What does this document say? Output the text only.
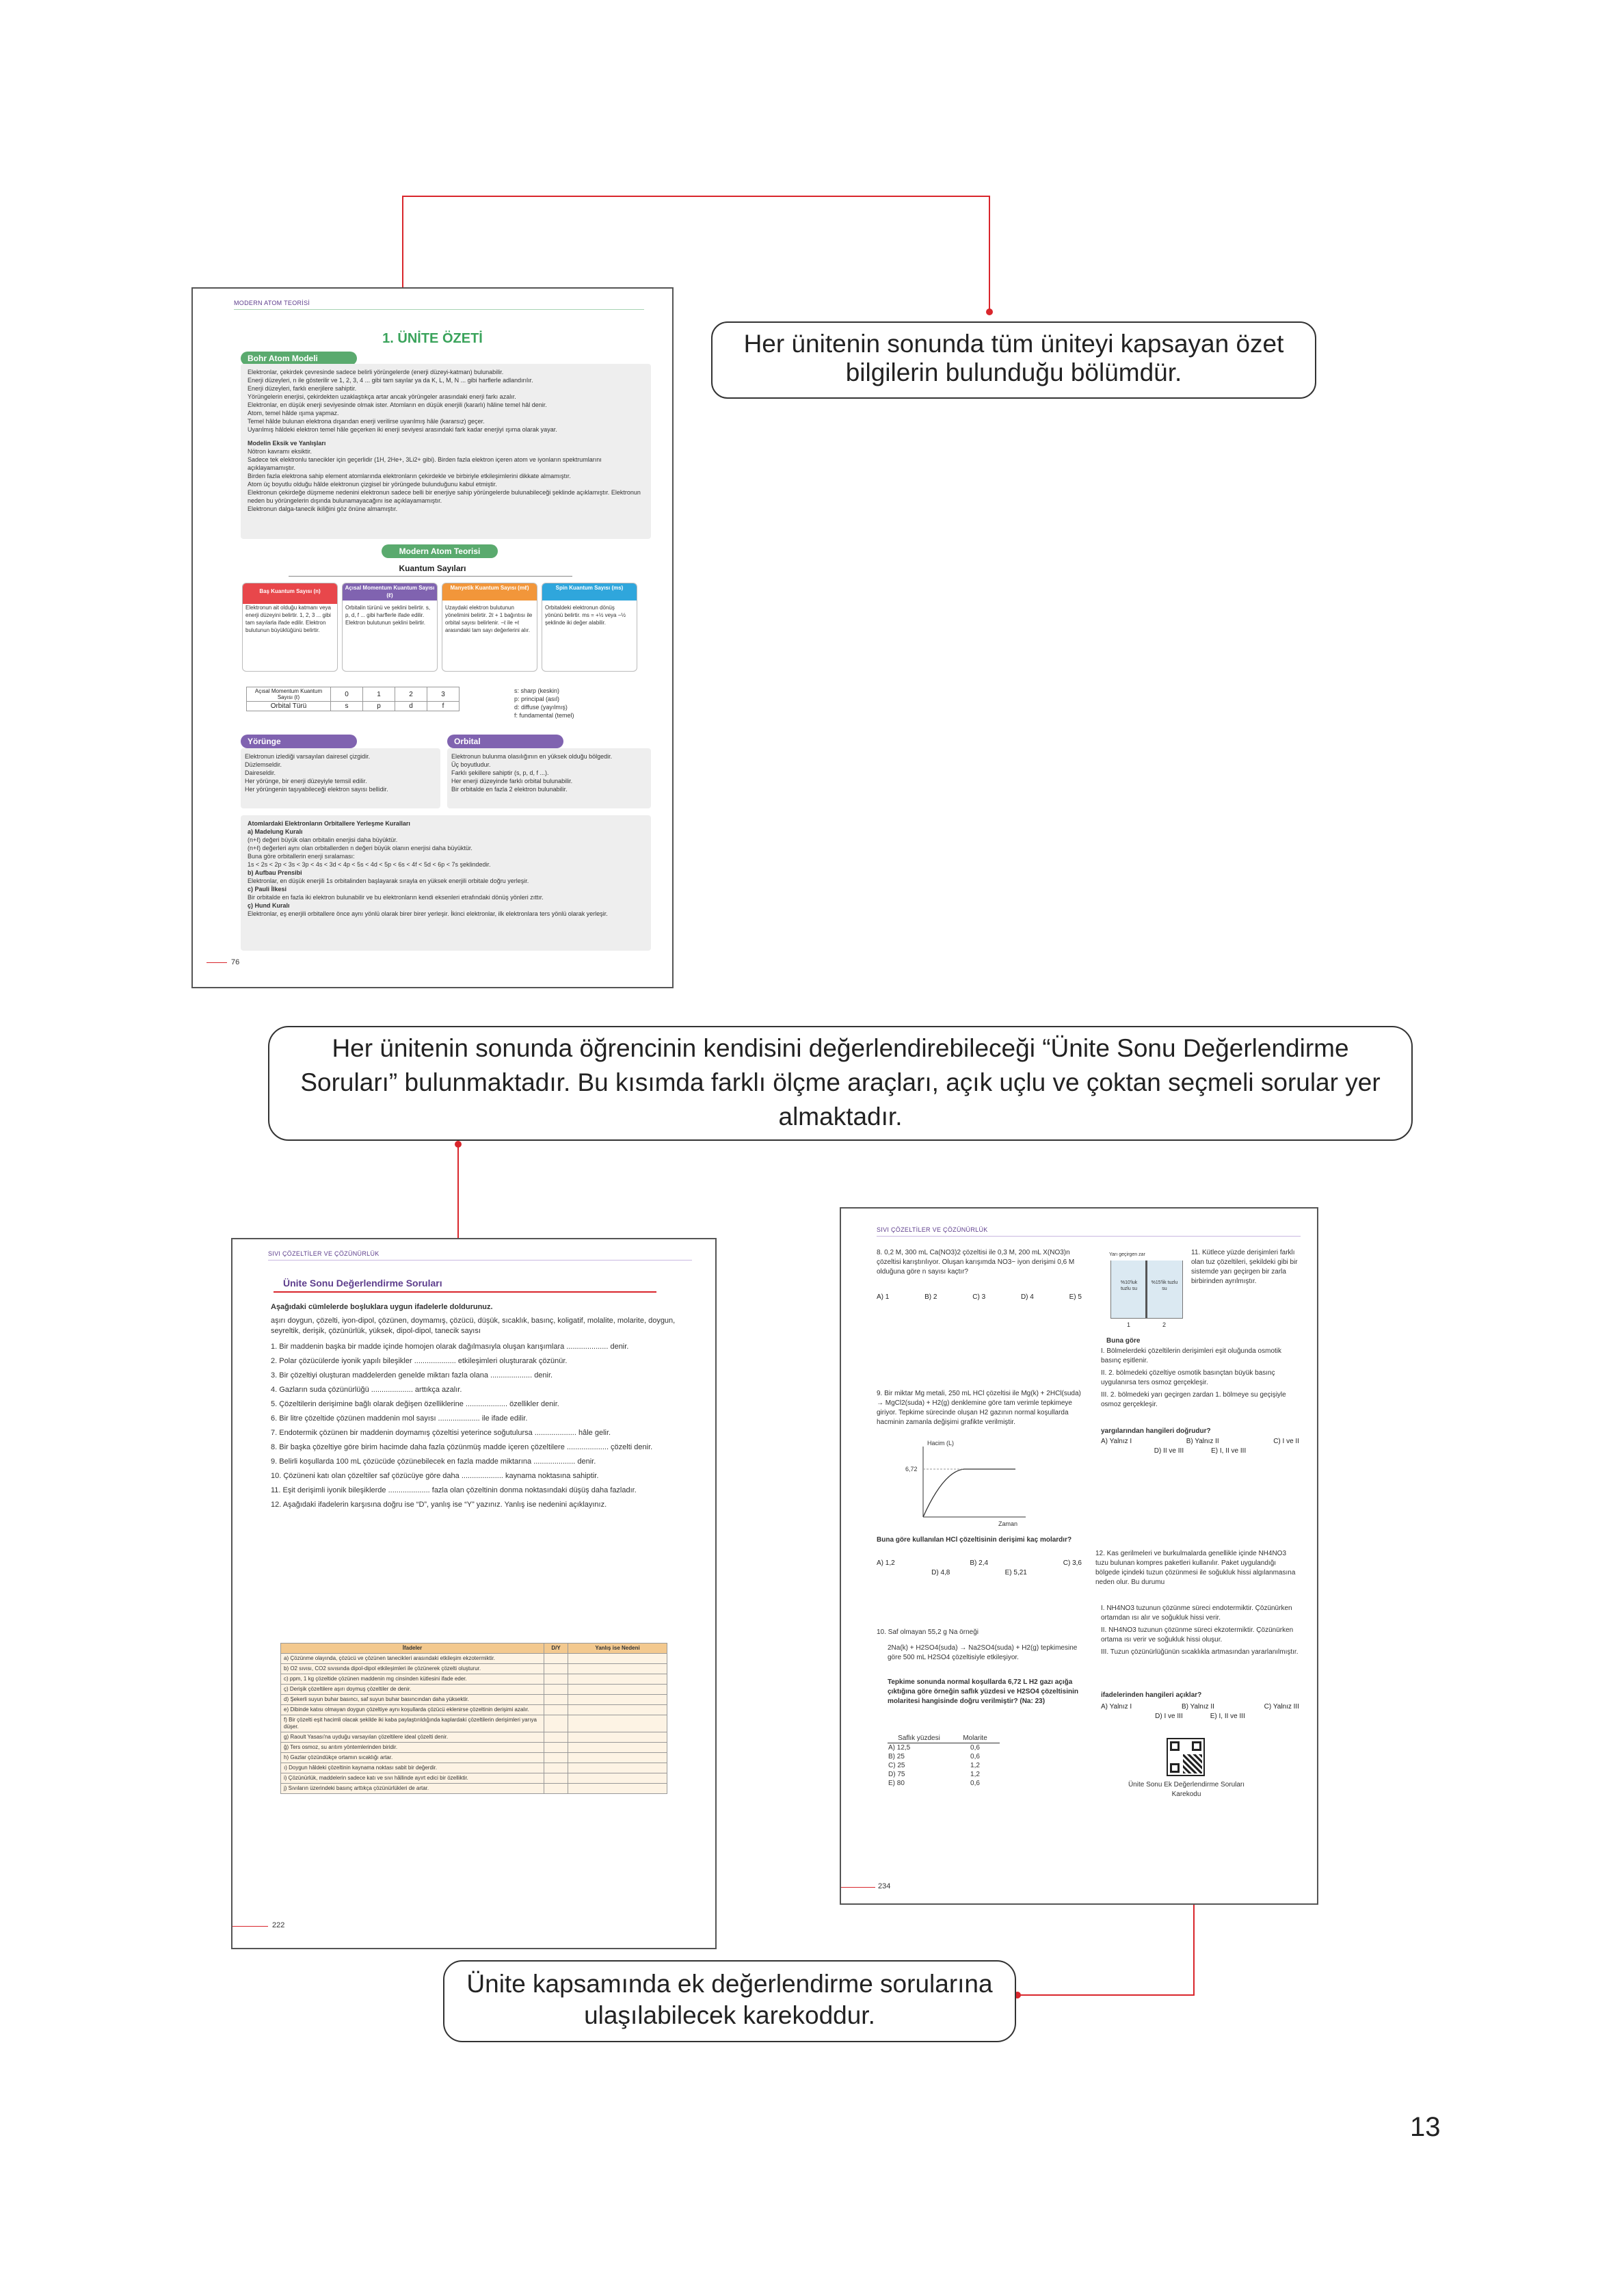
Her ünitenin sonunda tüm üniteyi kapsayan özet bilgilerin bulunduğu bölümdür.
Her ünitenin sonunda öğrencinin kendisini değerlendirebileceği “Ünite Sonu Değerlendirme Soruları” bulunmaktadır. Bu kısımda farklı ölçme araçları, açık uçlu ve çoktan seçmeli sorular yer almaktadır.
Ünite kapsamında ek değerlendirme sorularına ulaşılabilecek karekoddur.
13
MODERN ATOM TEORİSİ
1. ÜNİTE ÖZETİ
Bohr Atom Modeli
Elektronlar, çekirdek çevresinde sadece belirli yörüngelerde (enerji düzeyi-katman) bulunabilir.
Enerji düzeyleri, n ile gösterilir ve 1, 2, 3, 4 ... gibi tam sayılar ya da K, L, M, N ... gibi harflerle adlandırılır.
Enerji düzeyleri, farklı enerjilere sahiptir.
Yörüngelerin enerjisi, çekirdekten uzaklaştıkça artar ancak yörüngeler arasındaki enerji farkı azalır.
Elektronlar, en düşük enerji seviyesinde olmak ister. Atomların en düşük enerjili (kararlı) hâline temel hâl denir.
Atom, temel hâlde ışıma yapmaz.
Temel hâlde bulunan elektrona dışarıdan enerji verilirse uyarılmış hâle (kararsız) geçer.
Uyarılmış hâldeki elektron temel hâle geçerken iki enerji seviyesi arasındaki fark kadar enerjiyi ışıma olarak yayar.
Modelin Eksik ve Yanlışları
Nötron kavramı eksiktir.
Sadece tek elektronlu tanecikler için geçerlidir (1H, 2He+, 3Li2+ gibi). Birden fazla elektron içeren atom ve iyonların spektrumlarını açıklayamamıştır.
Birden fazla elektrona sahip element atomlarında elektronların çekirdekle ve birbiriyle etkileşimlerini dikkate almamıştır.
Atom üç boyutlu olduğu hâlde elektronun çizgisel bir yörüngede bulunduğunu kabul etmiştir.
Elektronun çekirdeğe düşmeme nedenini elektronun sadece belli bir enerjiye sahip yörüngelerde bulunabileceği şeklinde açıklamıştır. Elektronun neden bu yörüngelerin dışında bulunamayacağını ise açıklayamamıştır.
Elektronun dalga-tanecik ikiliğini göz önüne almamıştır.
Modern Atom Teorisi
Kuantum Sayıları
Baş Kuantum Sayısı (n)
Elektronun ait olduğu katmanı veya enerji düzeyini belirtir. 1, 2, 3 ... gibi tam sayılarla ifade edilir. Elektron bulutunun büyüklüğünü belirtir.
Açısal Momentum Kuantum Sayısı (ℓ)
Orbitalin türünü ve şeklini belirtir. s, p, d, f ... gibi harflerle ifade edilir. Elektron bulutunun şeklini belirtir.
Manyetik Kuantum Sayısı (mℓ)
Uzaydaki elektron bulutunun yönelimini belirtir. 2ℓ + 1 bağıntısı ile orbital sayısı belirlenir. −ℓ ile +ℓ arasındaki tam sayı değerlerini alır.
Spin Kuantum Sayısı (ms)
Orbitaldeki elektronun dönüş yönünü belirtir. ms = +½ veya −½ şeklinde iki değer alabilir.
Açısal Momentum Kuantum Sayısı (ℓ)	0	1	2	3
Orbital Türü	s	p	d	f
s: sharp (keskin)
p: principal (asıl)
d: diffuse (yayılmış)
f: fundamental (temel)
Yörünge
Elektronun izlediği varsayılan dairesel çizgidir.
Düzlemseldir.
Daireseldir.
Her yörünge, bir enerji düzeyiyle temsil edilir.
Her yörüngenin taşıyabileceği elektron sayısı bellidir.
Orbital
Elektronun bulunma olasılığının en yüksek olduğu bölgedir.
Üç boyutludur.
Farklı şekillere sahiptir (s, p, d, f ...).
Her enerji düzeyinde farklı orbital bulunabilir.
Bir orbitalde en fazla 2 elektron bulunabilir.
Atomlardaki Elektronların Orbitallere Yerleşme Kuralları
a) Madelung Kuralı
(n+ℓ) değeri büyük olan orbitalin enerjisi daha büyüktür.
(n+ℓ) değerleri aynı olan orbitallerden n değeri büyük olanın enerjisi daha büyüktür.
Buna göre orbitallerin enerji sıralaması:
1s < 2s < 2p < 3s < 3p < 4s < 3d < 4p < 5s < 4d < 5p < 6s < 4f < 5d < 6p < 7s şeklindedir.
b) Aufbau Prensibi
Elektronlar, en düşük enerjili 1s orbitalinden başlayarak sırayla en yüksek enerjili orbitale doğru yerleşir.
c) Pauli İlkesi
Bir orbitalde en fazla iki elektron bulunabilir ve bu elektronların kendi eksenleri etrafındaki dönüş yönleri zıttır.
ç) Hund Kuralı
Elektronlar, eş enerjili orbitallere önce aynı yönlü olarak birer birer yerleşir. İkinci elektronlar, ilk elektronlara ters yönlü olarak yerleşir.
76
SIVI ÇÖZELTİLER VE ÇÖZÜNÜRLÜK
Ünite Sonu Değerlendirme Soruları
Aşağıdaki cümlelerde boşluklara uygun ifadelerle doldurunuz.
aşırı doygun, çözelti, iyon-dipol, çözünen, doymamış, çözücü, düşük, sıcaklık, basınç, koligatif, molalite, molarite, doygun, seyreltik, derişik, çözünürlük, yüksek, dipol-dipol, tanecik sayısı
1. Bir maddenin başka bir madde içinde homojen olarak dağılmasıyla oluşan karışımlara .................... denir.
2. Polar çözücülerde iyonik yapılı bileşikler .................... etkileşimleri oluşturarak çözünür.
3. Bir çözeltiyi oluşturan maddelerden genelde miktarı fazla olana .................... denir.
4. Gazların suda çözünürlüğü .................... arttıkça azalır.
5. Çözeltilerin derişimine bağlı olarak değişen özelliklerine .................... özellikler denir.
6. Bir litre çözeltide çözünen maddenin mol sayısı .................... ile ifade edilir.
7. Endotermik çözünen bir maddenin doymamış çözeltisi yeterince soğutulursa .................... hâle gelir.
8. Bir başka çözeltiye göre birim hacimde daha fazla çözünmüş madde içeren çözeltilere .................... çözelti denir.
9. Belirli koşullarda 100 mL çözücüde çözünebilecek en fazla madde miktarına .................... denir.
10. Çözüneni katı olan çözeltiler saf çözücüye göre daha .................... kaynama noktasına sahiptir.
11. Eşit derişimli iyonik bileşiklerde .................... fazla olan çözeltinin donma noktasındaki düşüş daha fazladır.
12. Aşağıdaki ifadelerin karşısına doğru ise “D”, yanlış ise “Y” yazınız. Yanlış ise nedenini açıklayınız.
İfadeler	D/Y	Yanlış ise Nedeni
a) Çözünme olayında, çözücü ve çözünen tanecikleri arasındaki etkileşim ekzotermiktir.		
b) O2 sıvısı, CO2 sıvısında dipol-dipol etkileşimleri ile çözünerek çözelti oluşturur.		
c) ppm, 1 kg çözeltide çözünen maddenin mg cinsinden kütlesini ifade eder.		
ç) Derişik çözeltilere aşırı doymuş çözeltiler de denir.		
d) Şekerli suyun buhar basıncı, saf suyun buhar basıncından daha yüksektir.		
e) Dibinde katısı olmayan doygun çözeltiye aynı koşullarda çözücü eklenirse çözeltinin derişimi azalır.		
f) Bir çözelti eşit hacimli olacak şekilde iki kaba paylaştırıldığında kaplardaki çözeltilerin derişimleri yarıya düşer.		
g) Raoult Yasası'na uyduğu varsayılan çözeltilere ideal çözelti denir.		
ğ) Ters osmoz, su arıtım yöntemlerinden biridir.		
h) Gazlar çözündükçe ortamın sıcaklığı artar.		
ı) Doygun hâldeki çözeltinin kaynama noktası sabit bir değerdir.		
i) Çözünürlük, maddelerin sadece katı ve sıvı hâllinde ayırt edici bir özelliktir.		
j) Sıvıların üzerindeki basınç arttıkça çözünürlükleri de artar.		
222
SIVI ÇÖZELTİLER VE ÇÖZÜNÜRLÜK
8. 0,2 M, 300 mL Ca(NO3)2 çözeltisi ile 0,3 M, 200 mL X(NO3)n çözeltisi karıştırılıyor. Oluşan karışımda NO3− iyon derişimi 0,6 M olduğuna göre n sayısı kaçtır?
A) 1	B) 2	C) 3	D) 4	E) 5
9. Bir miktar Mg metali, 250 mL HCl çözeltisi ile Mg(k) + 2HCl(suda) → MgCl2(suda) + H2(g) denklemine göre tam verimle tepkimeye giriyor. Tepkime sürecinde oluşan H2 gazının normal koşullarda hacminin zamanla değişimi grafikte verilmiştir.
Hacim (L)
6,72
Zaman
Buna göre kullanılan HCl çözeltisinin derişimi kaç molardır?
A) 1,2	B) 2,4	C) 3,6
D) 4,8	E) 5,21
10. Saf olmayan 55,2 g Na örneği
2Na(k) + H2SO4(suda) → Na2SO4(suda) + H2(g) tepkimesine göre 500 mL H2SO4 çözeltisiyle etkileşiyor.
Tepkime sonunda normal koşullarda 6,72 L H2 gazı açığa çıktığına göre örneğin saflık yüzdesi ve H2SO4 çözeltisinin molaritesi hangisinde doğru verilmiştir? (Na: 23)
Saflık yüzdesi	Molarite
A) 12,5	0,6
B) 25	0,6
C) 25	1,2
D) 75	1,2
E) 80	0,6
11. Kütlece yüzde derişimleri farklı olan tuz çözeltileri, şekildeki gibi bir sistemde yarı geçirgen bir zarla birbirinden ayrılmıştır.
Yarı geçirgen zar
%10'luk tuzlu su
%15'lik tuzlu su
1	2
Buna göre
I. Bölmelerdeki çözeltilerin derişimleri eşit oluğunda osmotik basınç eşitlenir.
II. 2. bölmedeki çözeltiye osmotik basınçtan büyük basınç uygulanırsa ters osmoz gerçekleşir.
III. 2. bölmedeki yarı geçirgen zardan 1. bölmeye su geçişiyle osmoz gerçekleşir.
yargılarından hangileri doğrudur?
A) Yalnız I	B) Yalnız II	C) I ve II
D) II ve III	E) I, II ve III
12. Kas gerilmeleri ve burkulmalarda genellikle içinde NH4NO3 tuzu bulunan kompres paketleri kullanılır. Paket uygulandığı bölgede içindeki tuzun çözünmesi ile soğukluk hissi algılanmasına neden olur. Bu durumu
I. NH4NO3 tuzunun çözünme süreci endotermiktir. Çözünürken ortamdan ısı alır ve soğukluk hissi verir.
II. NH4NO3 tuzunun çözünme süreci ekzotermiktir. Çözünürken ortama ısı verir ve soğukluk hissi oluşur.
III. Tuzun çözünürlüğünün sıcaklıkla artmasından yararlanılmıştır.
ifadelerinden hangileri açıklar?
A) Yalnız I	B) Yalnız II	C) Yalnız III
D) I ve III	E) I, II ve III
Ünite Sonu Ek Değerlendirme Soruları Karekodu
234
